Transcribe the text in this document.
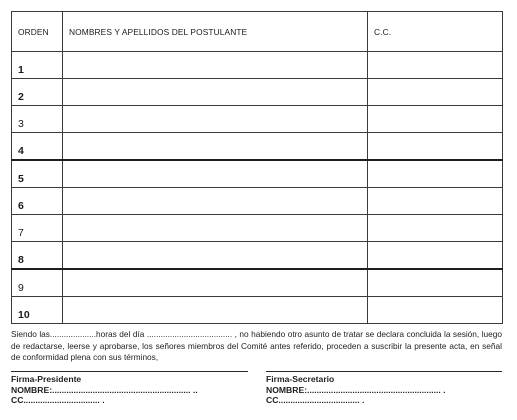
ORDEN	NOMBRES Y APELLIDOS DEL POSTULANTE	C.C.
1		
2		
3		
4		
5		
6		
7		
8		
9		
10		

Siendo las....................horas del día ..................................... , no habiendo otro asunto de tratar se declara concluida la sesión, luego de redactarse, leerse y aprobarse, los señores miembros del Comité antes referido, proceden a suscribir la presente acta, en señal de conformidad plena con sus términos,

Firma-Presidente
NOMBRE:.......................................................... ..
CC................................ .
Firma-Secretario
NOMBRE:........................................................ .
CC.................................. .
